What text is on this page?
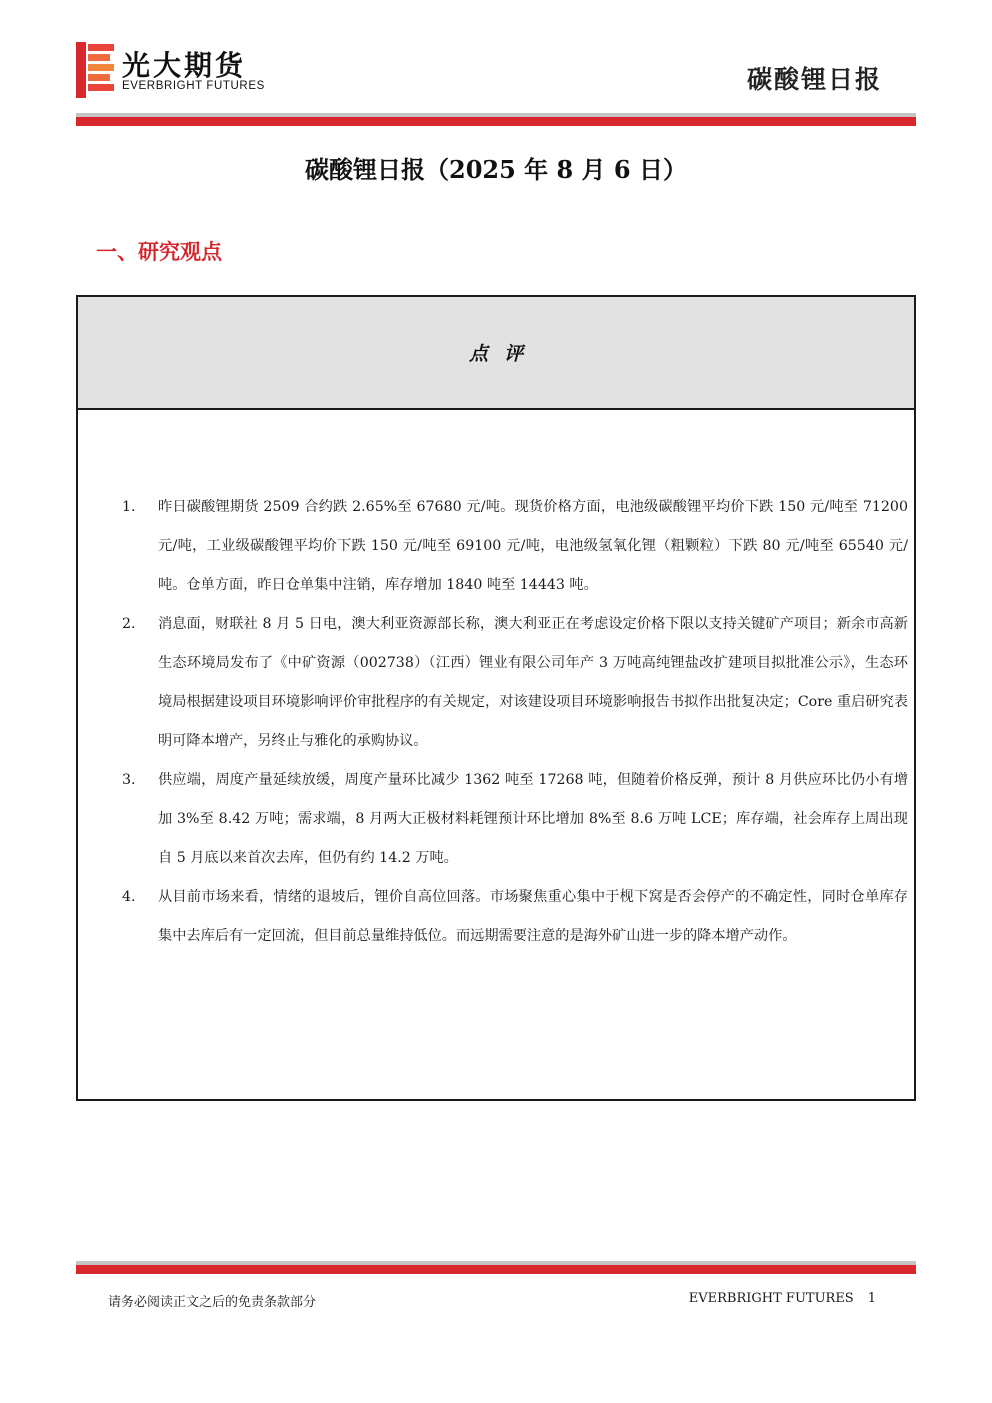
光大期货
EVERBRIGHT FUTURES	碳酸锂日报
碳酸锂日报（2025 年 8 月 6 日）
一、研究观点
点评
1. 昨日碳酸锂期货 2509 合约跌 2.65%至 67680 元/吨。现货价格方面，电池级碳酸锂平均价下跌 150 元/吨至 71200 元/吨，工业级碳酸锂平均价下跌 150 元/吨至 69100 元/吨，电池级氢氧化锂（粗颗粒）下跌 80 元/吨至 65540 元/吨。仓单方面，昨日仓单集中注销，库存增加 1840 吨至 14443 吨。
2. 消息面，财联社 8 月 5 日电，澳大利亚资源部长称，澳大利亚正在考虑设定价格下限以支持关键矿产项目；新余市高新生态环境局发布了《中矿资源（002738）（江西）锂业有限公司年产 3 万吨高纯锂盐改扩建项目拟批准公示》，生态环境局根据建设项目环境影响评价审批程序的有关规定，对该建设项目环境影响报告书拟作出批复决定；Core 重启研究表明可降本增产，另终止与雅化的承购协议。
3. 供应端，周度产量延续放缓，周度产量环比减少 1362 吨至 17268 吨，但随着价格反弹，预计 8 月供应环比仍小有增加 3%至 8.42 万吨；需求端，8 月两大正极材料耗锂预计环比增加 8%至 8.6 万吨 LCE；库存端，社会库存上周出现自 5 月底以来首次去库，但仍有约 14.2 万吨。
4. 从目前市场来看，情绪的退坡后，锂价自高位回落。市场聚焦重心集中于枧下窝是否会停产的不确定性，同时仓单库存集中去库后有一定回流，但目前总量维持低位。而远期需要注意的是海外矿山进一步的降本增产动作。
请务必阅读正文之后的免责条款部分	EVERBRIGHT FUTURES 1
